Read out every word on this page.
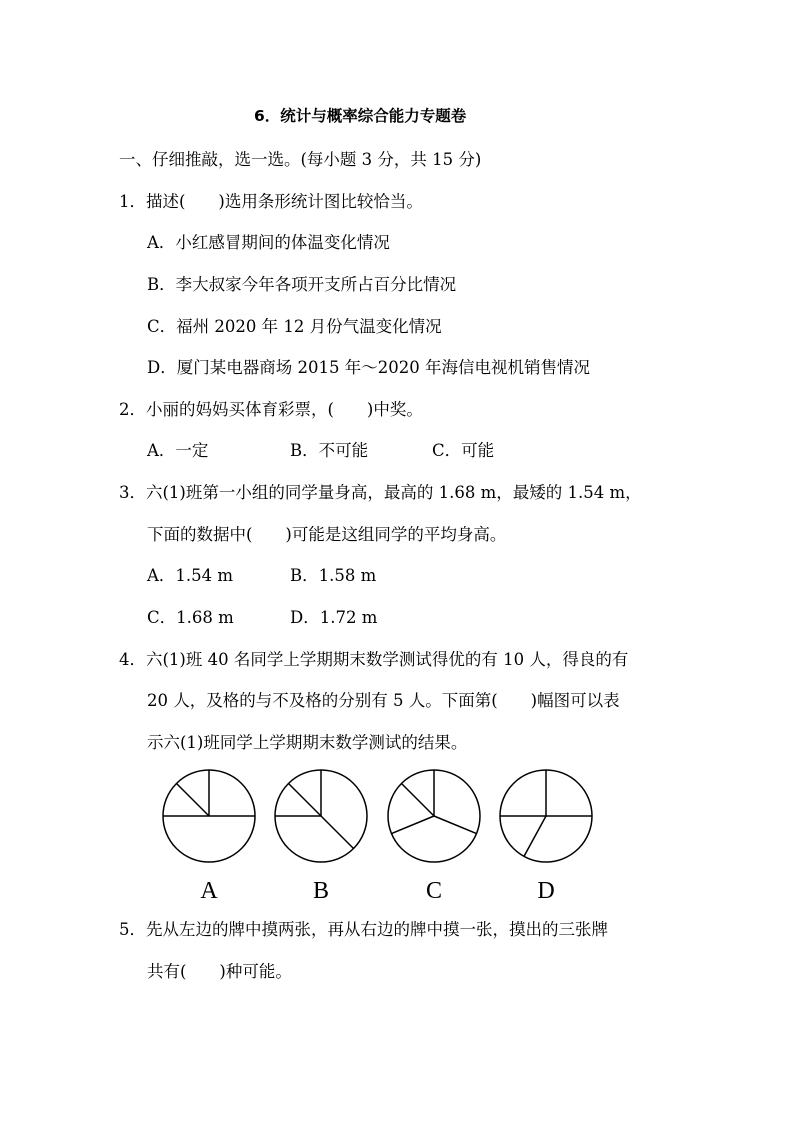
6．统计与概率综合能力专题卷
一、仔细推敲，选一选。(每小题 3 分，共 15 分)
1．描述(　　)选用条形统计图比较恰当。
A．小红感冒期间的体温变化情况
B．李大叔家今年各项开支所占百分比情况
C．福州 2020 年 12 月份气温变化情况
D．厦门某电器商场 2015 年～2020 年海信电视机销售情况
2．小丽的妈妈买体育彩票，(　　)中奖。
A．一定	B．不可能	C．可能
3．六(1)班第一小组的同学量身高，最高的 1.68 m，最矮的 1.54 m，
下面的数据中(　　)可能是这组同学的平均身高。
A．1.54 m	B．1.58 m
C．1.68 m	D．1.72 m
4．六(1)班 40 名同学上学期期末数学测试得优的有 10 人，得良的有
20 人，及格的与不及格的分别有 5 人。下面第(　　)幅图可以表
示六(1)班同学上学期期末数学测试的结果。
A	B	C	D
5．先从左边的牌中摸两张，再从右边的牌中摸一张，摸出的三张牌
共有(　　)种可能。
